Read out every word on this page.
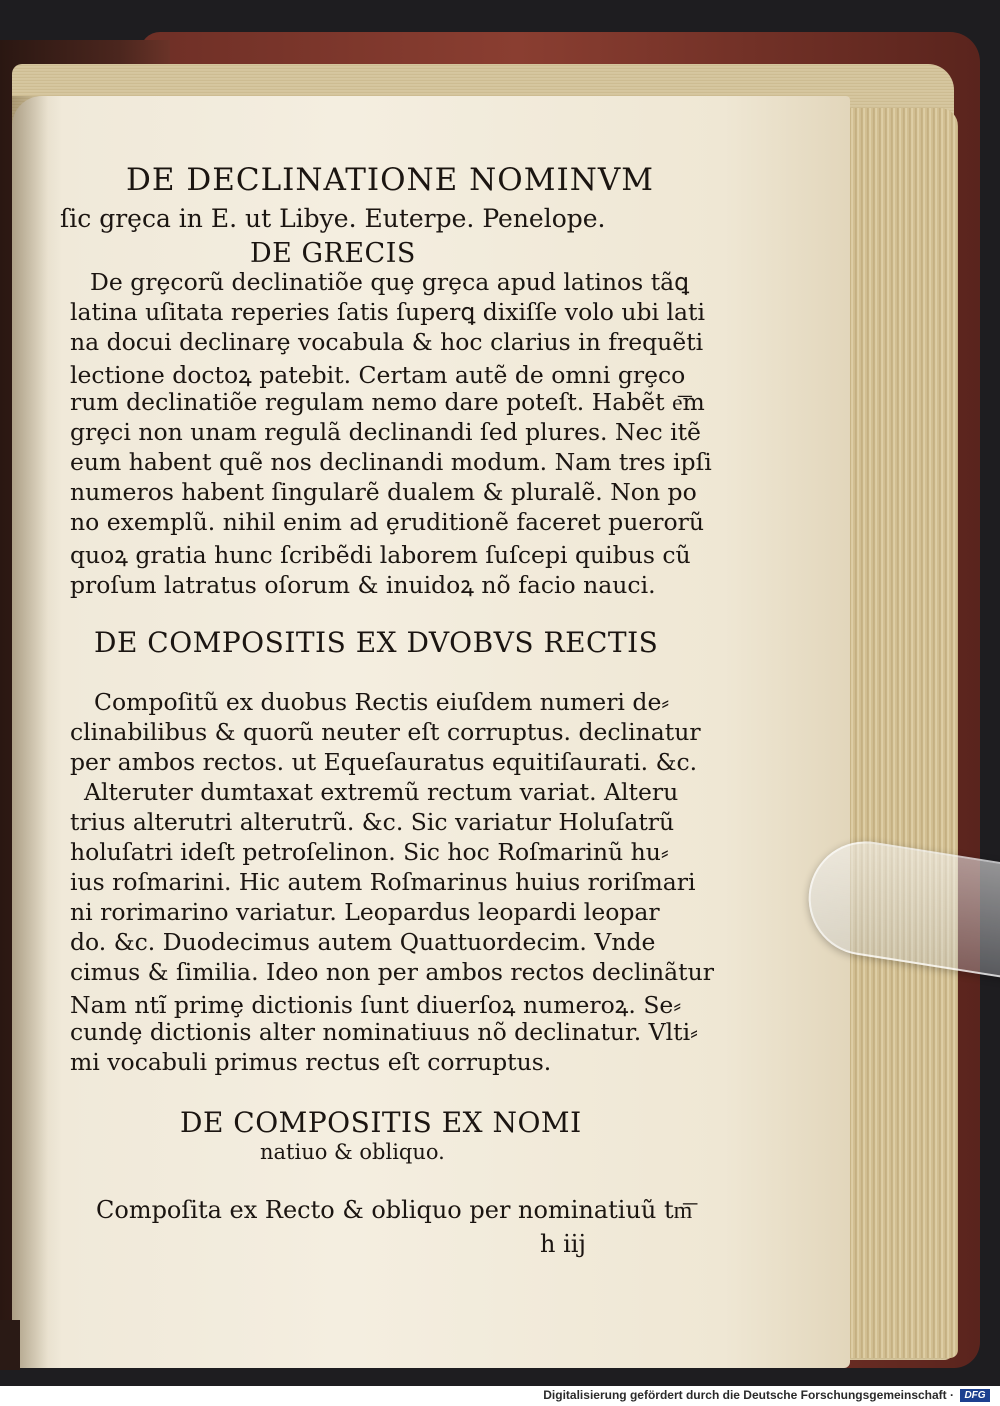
DE DECLINATIONE NOMINVM
ſic grȩca in E. ut Libye. Euterpe. Penelope.
DE GRECIS
De grȩcorũ declinatiõe quȩ grȩca apud latinos tãꝗ
latina uſitata reperies ſatis ſuperꝗ dixiſſe volo ubi lati
na docui declinarȩ vocabula & hoc clarius in frequẽti
lectione doctoꝝ patebit. Certam autẽ de omni grȩco
rum declinatiõe regulam nemo dare poteſt. Habẽt e͞m
grȩci non unam regulã declinandi ſed plures. Nec itẽ
eum habent quẽ nos declinandi modum. Nam tres ipſi
numeros habent ſingularẽ dualem & pluralẽ. Non po
no exemplũ. nihil enim ad ȩruditionẽ faceret puerorũ
quoꝝ gratia hunc ſcribẽdi laborem ſuſcepi quibus cũ
proſum latratus oſorum & inuidoꝝ nõ facio nauci.
DE COMPOSITIS EX DVOBVS RECTIS
Compoſitũ ex duobus Rectis eiuſdem numeri de⸗
clinabilibus & quorũ neuter eſt corruptus. declinatur
per ambos rectos. ut Equeſauratus equitiſaurati. &c.
Alteruter dumtaxat extremũ rectum variat. Alteru
trius alterutri alterutrũ. &c. Sic variatur Holuſatrũ
holuſatri ideſt petroſelinon. Sic hoc Roſmarinũ hu⸗
ius roſmarini. Hic autem Roſmarinus huius roriſmari
ni rorimarino variatur. Leopardus leopardi leopar
do. &c. Duodecimus autem Quattuordecim. Vnde
cimus & ſimilia. Ideo non per ambos rectos declinãtur
Nam ntĩ primȩ dictionis ſunt diuerſoꝝ numeroꝝ. Se⸗
cundȩ dictionis alter nominatiuus nõ declinatur. Vlti⸗
mi vocabuli primus rectus eſt corruptus.
DE COMPOSITIS EX NOMI
natiuo & obliquo.
Compoſita ex Recto & obliquo per nominatiuũ tm͞
h iij
Digitalisierung gefördert durch die Deutsche Forschungsgemeinschaft ·	DFG
